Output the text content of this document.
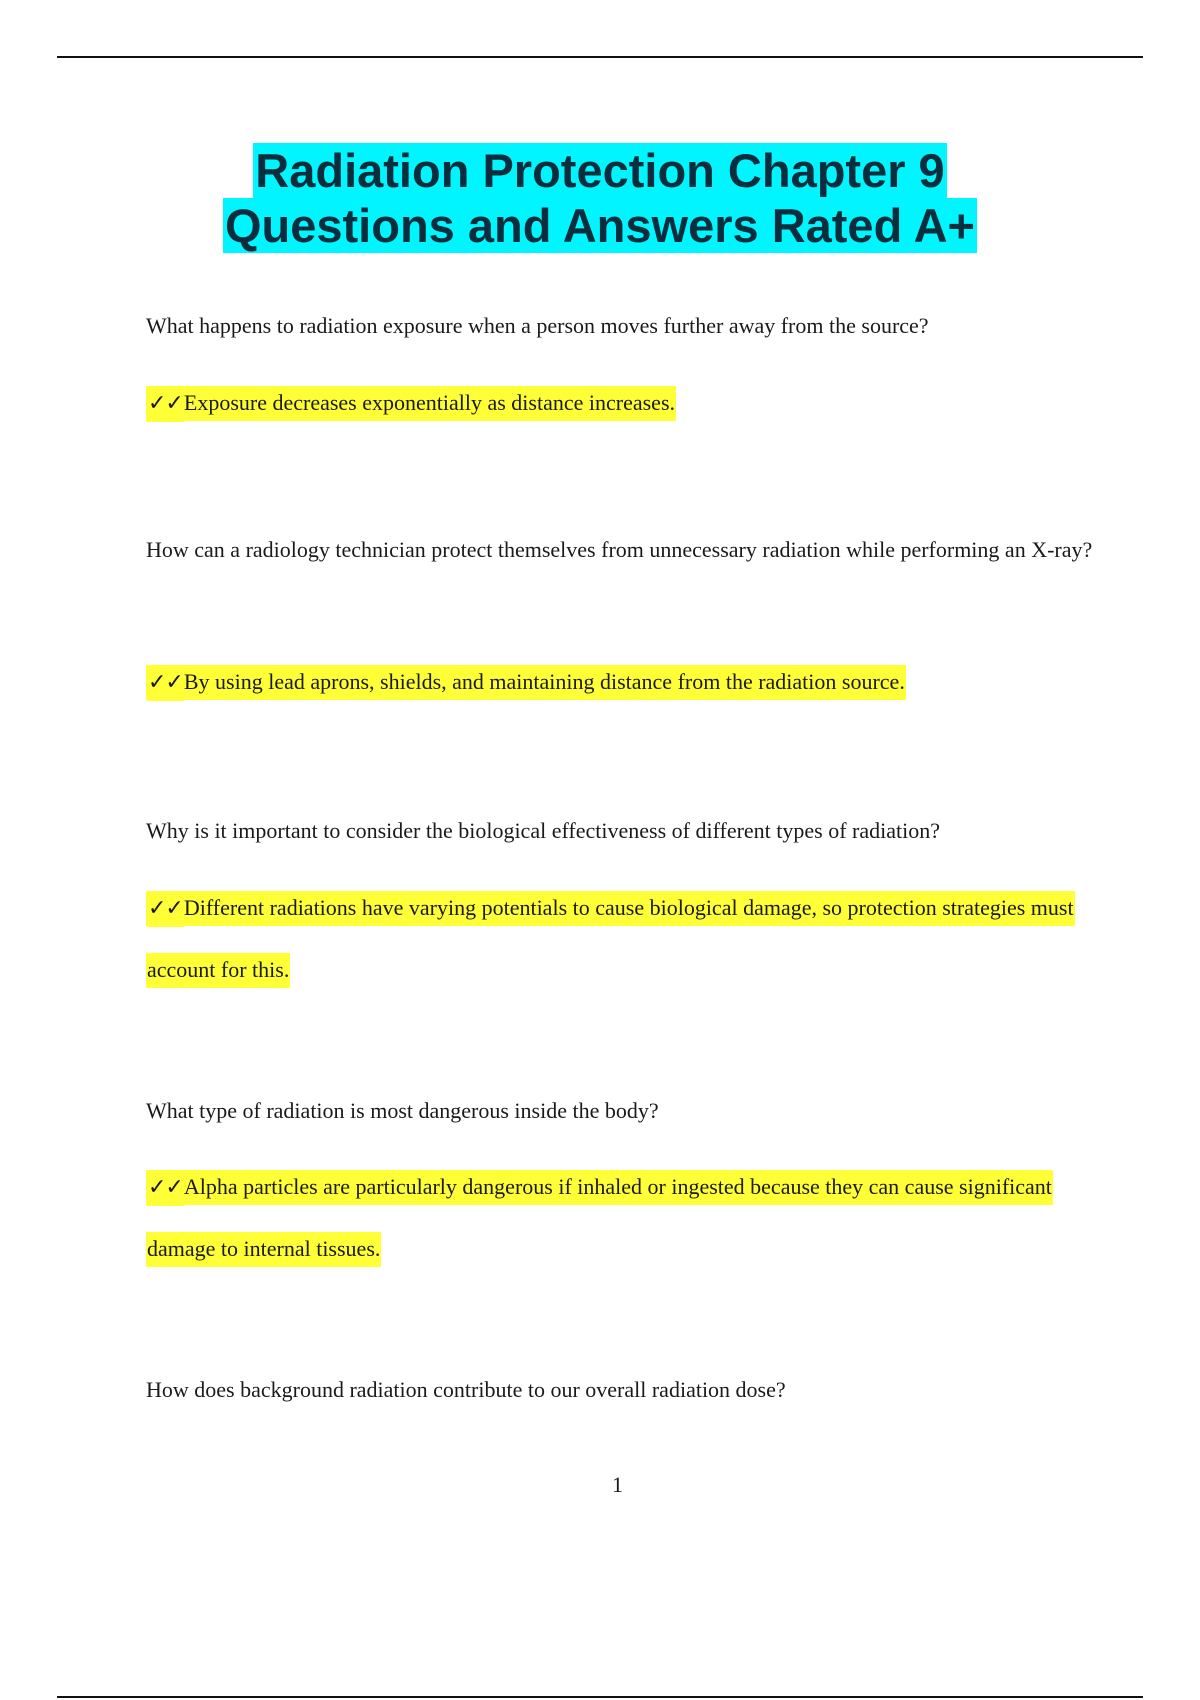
Radiation Protection Chapter 9
Questions and Answers Rated A+

What happens to radiation exposure when a person moves further away from the source?

✓✓Exposure decreases exponentially as distance increases.

How can a radiology technician protect themselves from unnecessary radiation while performing an X-ray?

✓✓By using lead aprons, shields, and maintaining distance from the radiation source.

Why is it important to consider the biological effectiveness of different types of radiation?

✓✓Different radiations have varying potentials to cause biological damage, so protection strategies must account for this.

What type of radiation is most dangerous inside the body?

✓✓Alpha particles are particularly dangerous if inhaled or ingested because they can cause significant damage to internal tissues.

How does background radiation contribute to our overall radiation dose?

1
